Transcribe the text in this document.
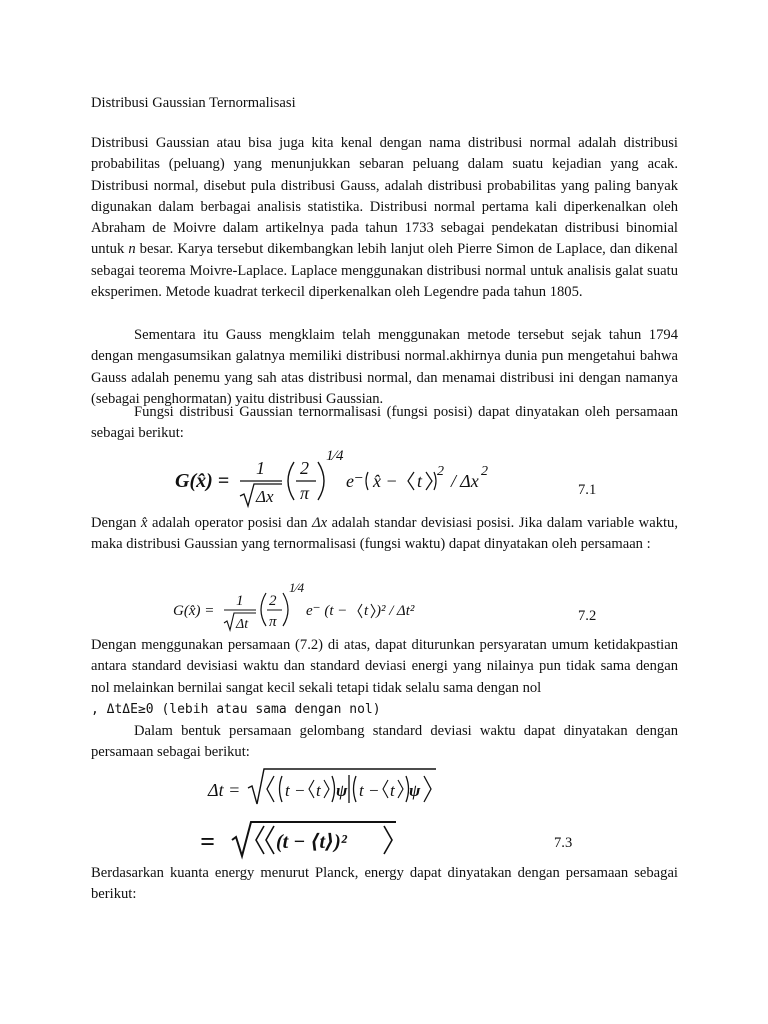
Distribusi Gaussian Ternormalisasi

Distribusi Gaussian atau bisa juga kita kenal dengan nama distribusi normal adalah distribusi probabilitas (peluang) yang menunjukkan sebaran peluang dalam suatu kejadian yang acak. Distribusi normal, disebut pula distribusi Gauss, adalah distribusi probabilitas yang paling banyak digunakan dalam berbagai analisis statistika. Distribusi normal pertama kali diperkenalkan oleh Abraham de Moivre dalam artikelnya pada tahun 1733 sebagai pendekatan distribusi binomial untuk n besar. Karya tersebut dikembangkan lebih lanjut oleh Pierre Simon de Laplace, dan dikenal sebagai teorema Moivre-Laplace. Laplace menggunakan distribusi normal untuk analisis galat suatu eksperimen. Metode kuadrat terkecil diperkenalkan oleh Legendre pada tahun 1805.

Sementara itu Gauss mengklaim telah menggunakan metode tersebut sejak tahun 1794 dengan mengasumsikan galatnya memiliki distribusi normal.akhirnya dunia pun mengetahui bahwa Gauss adalah penemu yang sah atas distribusi normal, dan menamai distribusi ini dengan namanya (sebagai penghormatan) yaitu distribusi Gaussian.

Fungsi distribusi Gaussian ternormalisasi (fungsi posisi) dapat dinyatakan oleh persamaan sebagai berikut:

G(x̂) =
1
Δx
2
π
1⁄4
e⁻ x̂ − t 2 / Δx 2
7.1

Dengan x̂ adalah operator posisi dan Δx adalah standar devisiasi posisi. Jika dalam variable waktu, maka distribusi Gaussian yang ternormalisasi (fungsi waktu) dapat dinyatakan oleh persamaan :

G(x̂) =
1
Δt
2
π
1⁄4
e⁻ (t − t )² / Δt²	7.2

Dengan menggunakan persamaan (7.2) di atas, dapat diturunkan persyaratan umum ketidakpastian antara standard devisiasi waktu dan standard deviasi energi yang nilainya pun tidak sama dengan nol melainkan bernilai sangat kecil sekali tetapi tidak selalu sama dengan nol
, ΔtΔE≥0 (lebih atau sama dengan nol)

Dalam bentuk persamaan gelombang standard deviasi waktu dapat dinyatakan dengan persamaan sebagai berikut:

Δt =	t − t ψ t − t ψ
=	(t − ⟨t⟩)²	7.3

Berdasarkan kuanta energy menurut Planck, energy dapat dinyatakan dengan persamaan sebagai berikut:
